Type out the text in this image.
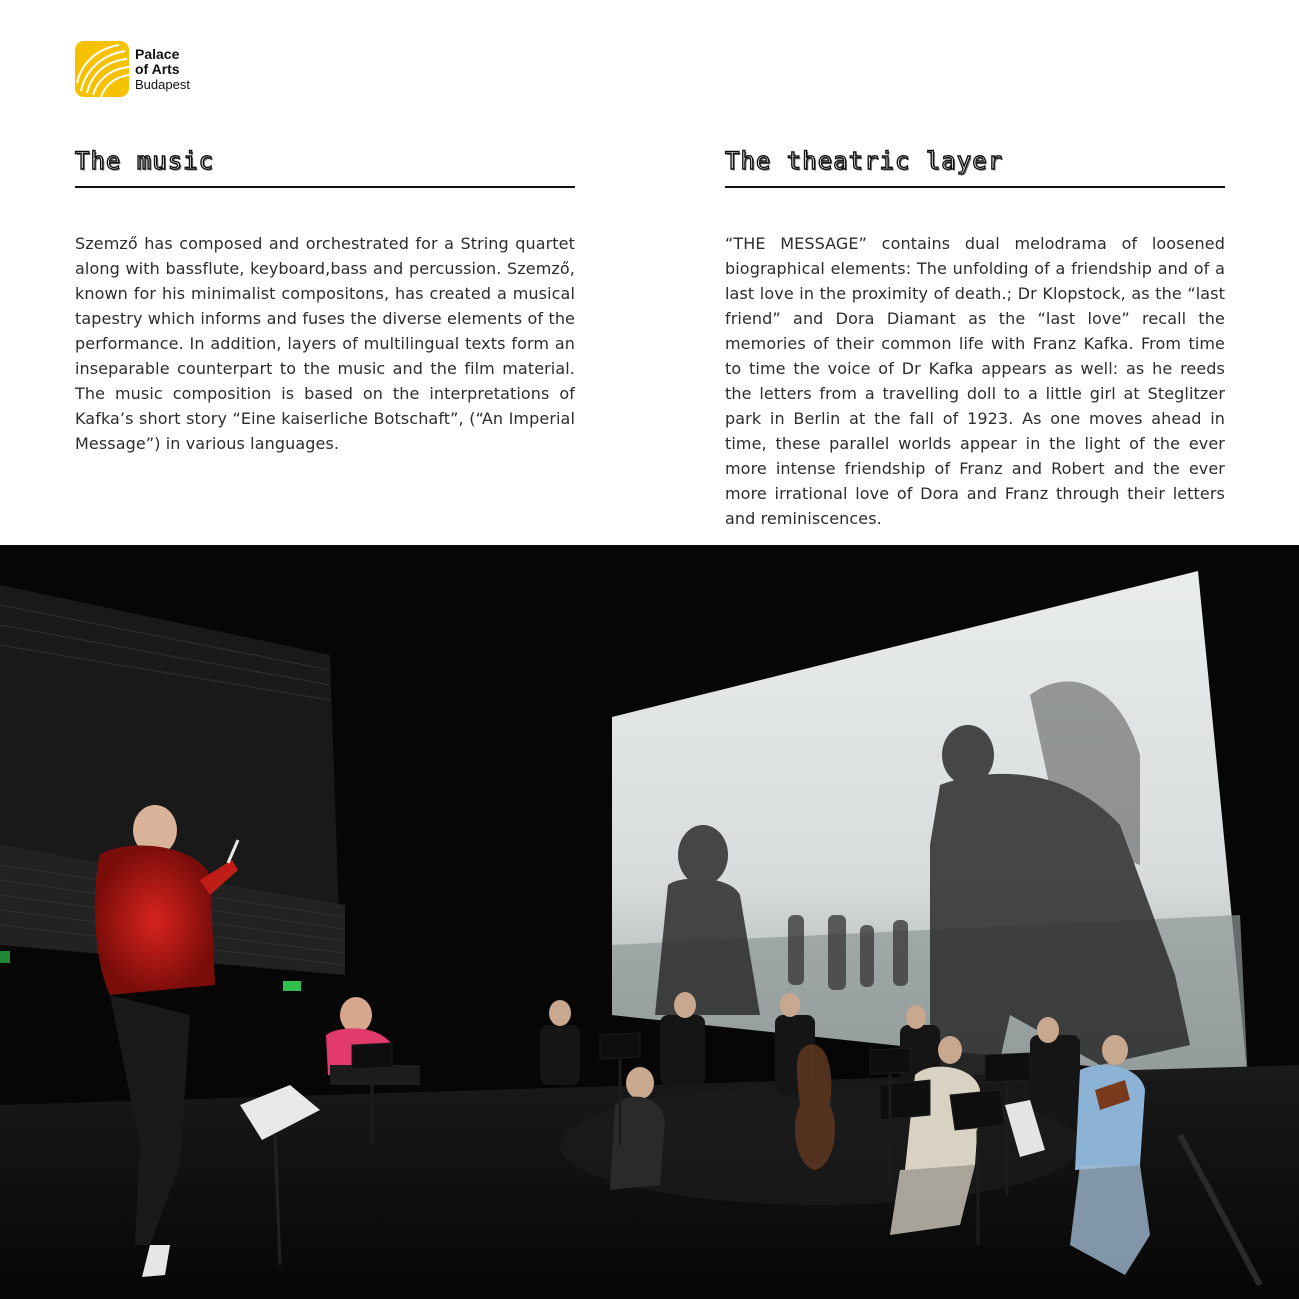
Palace
of Arts
Budapest
The music

Szemző has composed and orchestrated for a String quartet along with bassflute, keyboard,bass and percussion. Szemző, known for his minimalist compositons, has created a musical tapestry which informs and fuses the diverse elements of the performance. In addition, layers of multilingual texts form an inseparable counterpart to the music and the film material. The music composition is based on the interpretations of Kafka’s short story “Eine kaiserliche Botschaft”, (“An Imperial Message”) in various languages.

The theatric layer

“THE MESSAGE” contains dual melodrama of loosened biographical elements: The unfolding of a friendship and of a last love in the proximity of death.; Dr Klopstock, as the “last friend” and Dora Diamant as the “last love” recall the memories of their common life with Franz Kafka. From time to time the voice of Dr Kafka appears as well: as he reeds the letters from a travelling doll to a little girl at Steglitzer park in Berlin at the fall of 1923. As one moves ahead in time, these parallel worlds appear in the light of the ever more intense friendship of Franz and Robert and the ever more irrational love of Dora and Franz through their letters and reminiscences.
